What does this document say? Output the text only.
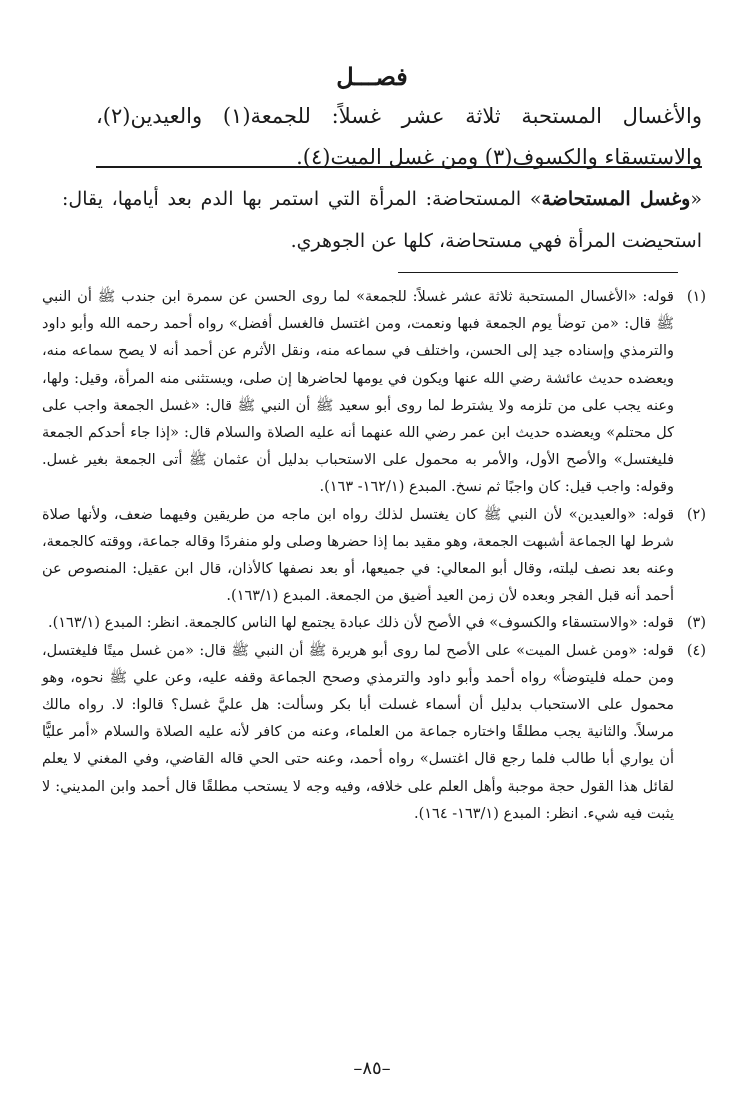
فصـــل

والأغسال المستحبة ثلاثة عشر غسلاً: للجمعة(١) والعيدين(٢)، والاستسقاء والكسوف(٣) ومن غسل الميت(٤).

«وغسل المستحاضة» المستحاضة: المرأة التي استمر بها الدم بعد أيامها، يقال: استحيضت المرأة فهي مستحاضة، كلها عن الجوهري.

(١)
قوله: «الأغسال المستحبة ثلاثة عشر غسلاً: للجمعة» لما روى الحسن عن سمرة ابن جندب ﷺ أن النبي ﷺ قال: «من توضأ يوم الجمعة فبها ونعمت، ومن اغتسل فالغسل أفضل» رواه أحمد رحمه الله وأبو داود والترمذي وإسناده جيد إلى الحسن، واختلف في سماعه منه، ونقل الأثرم عن أحمد أنه لا يصح سماعه منه، ويعضده حديث عائشة رضي الله عنها ويكون في يومها لحاضرها إن صلى، ويستثنى منه المرأة، وقيل: ولها، وعنه يجب على من تلزمه ولا يشترط لما روى أبو سعيد ﷺ أن النبي ﷺ قال: «غسل الجمعة واجب على كل محتلم» ويعضده حديث ابن عمر رضي الله عنهما أنه عليه الصلاة والسلام قال: «إذا جاء أحدكم الجمعة فليغتسل» والأصح الأول، والأمر به محمول على الاستحباب بدليل أن عثمان ﷺ أتى الجمعة بغير غسل. وقوله: واجب قيل: كان واجبًا ثم نسخ. المبدع (١٦٢/١- ١٦٣).

(٢)
قوله: «والعيدين» لأن النبي ﷺ كان يغتسل لذلك رواه ابن ماجه من طريقين وفيهما ضعف، ولأنها صلاة شرط لها الجماعة أشبهت الجمعة، وهو مقيد بما إذا حضرها وصلى ولو منفردًا وقاله جماعة، ووقته كالجمعة، وعنه بعد نصف ليلته، وقال أبو المعالي: في جميعها، أو بعد نصفها كالأذان، قال ابن عقيل: المنصوص عن أحمد أنه قبل الفجر وبعده لأن زمن العيد أضيق من الجمعة. المبدع (١٦٣/١).

(٣)
قوله: «والاستسقاء والكسوف» في الأصح لأن ذلك عبادة يجتمع لها الناس كالجمعة. انظر: المبدع (١٦٣/١).

(٤)
قوله: «ومن غسل الميت» على الأصح لما روى أبو هريرة ﷺ أن النبي ﷺ قال: «من غسل ميتًا فليغتسل، ومن حمله فليتوضأ» رواه أحمد وأبو داود والترمذي وصحح الجماعة وقفه عليه، وعن علي ﷺ نحوه، وهو محمول على الاستحباب بدليل أن أسماء غسلت أبا بكر وسألت: هل عليَّ غسل؟ قالوا: لا. رواه مالك مرسلاً. والثانية يجب مطلقًا واختاره جماعة من العلماء، وعنه من كافر لأنه عليه الصلاة والسلام «أمر عليًّا أن يواري أبا طالب فلما رجع قال اغتسل» رواه أحمد، وعنه حتى الحي قاله القاضي، وفي المغني لا يعلم لقائل هذا القول حجة موجبة وأهل العلم على خلافه، وفيه وجه لا يستحب مطلقًا قال أحمد وابن المديني: لا يثبت فيه شيء. انظر: المبدع (١٦٣/١- ١٦٤).

–٨٥–
